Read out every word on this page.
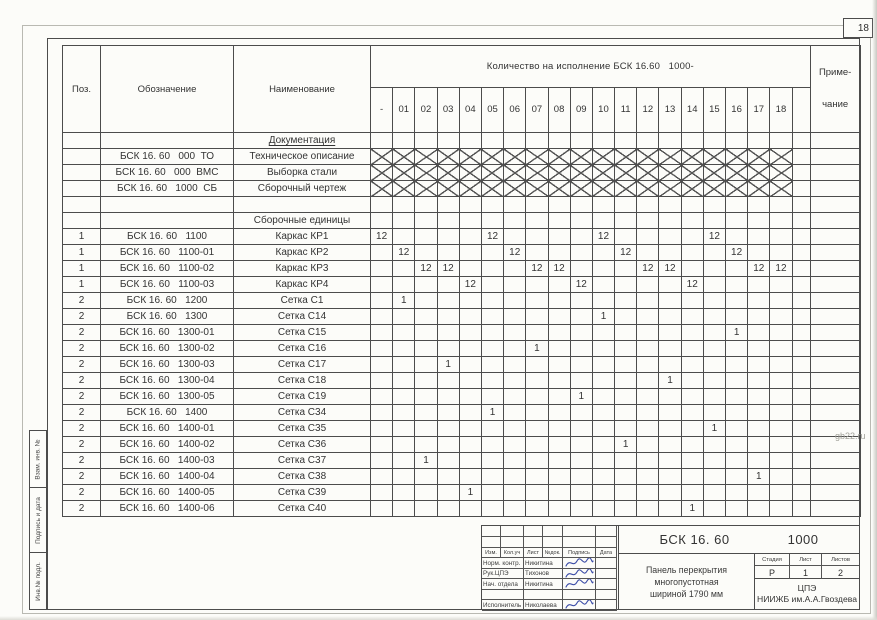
18
Поз.	Обозначение	Наименование	Количество на исполнение БСК 16.60   1000-																				Приме-

чание

			-	01	02	03	04	05	06	07	08	09	10	11	12	13	14	15	16	17	18		
		Документация																					
	БСК 16. 60   000  ТО	Техническое описание																					
	БСК 16. 60   000  ВМС	Выборка стали																					
	БСК 16. 60   1000  СБ	Сборочный чертеж																					

		Сборочные единицы																					
1	БСК 16. 60   1100	Каркас КР1	12					12					12					12					
1	БСК 16. 60   1100-01	Каркас КР2		12					12					12					12				
1	БСК 16. 60   1100-02	Каркас КР3			12	12				12	12				12	12				12	12		
1	БСК 16. 60   1100-03	Каркас КР4					12					12					12						
2	БСК 16. 60   1200	Сетка С1		1																			
2	БСК 16. 60   1300	Сетка С14											1										
2	БСК 16. 60   1300-01	Сетка С15																	1				
2	БСК 16. 60   1300-02	Сетка С16								1													
2	БСК 16. 60   1300-03	Сетка С17				1																	
2	БСК 16. 60   1300-04	Сетка С18														1							
2	БСК 16. 60   1300-05	Сетка С19										1											
2	БСК 16. 60   1400	Сетка С34						1															
2	БСК 16. 60   1400-01	Сетка С35																1					
2	БСК 16. 60   1400-02	Сетка С36												1									
2	БСК 16. 60   1400-03	Сетка С37			1																		
2	БСК 16. 60   1400-04	Сетка С38																		1			
2	БСК 16. 60   1400-05	Сетка С39					1																
2	БСК 16. 60   1400-06	Сетка С40															1						
Взам. инв. №
Подпись и дата
Инв.№ подл.
Изм.	Кол.уч	Лист №док.	Подпись	Дата
Норм. контр. Никитина
Рук.ЦПЭ	Тихонов
Нач. отдела	Никитина
Исполнитель Николаева
БСК 16. 60	1000
Панель перекрытия
многопустотная
шириной 1790 мм
Стадия	Лист	Листов
Р	1	2
ЦПЭ
НИИЖБ им.А.А.Гвоздева
gb22.ru
